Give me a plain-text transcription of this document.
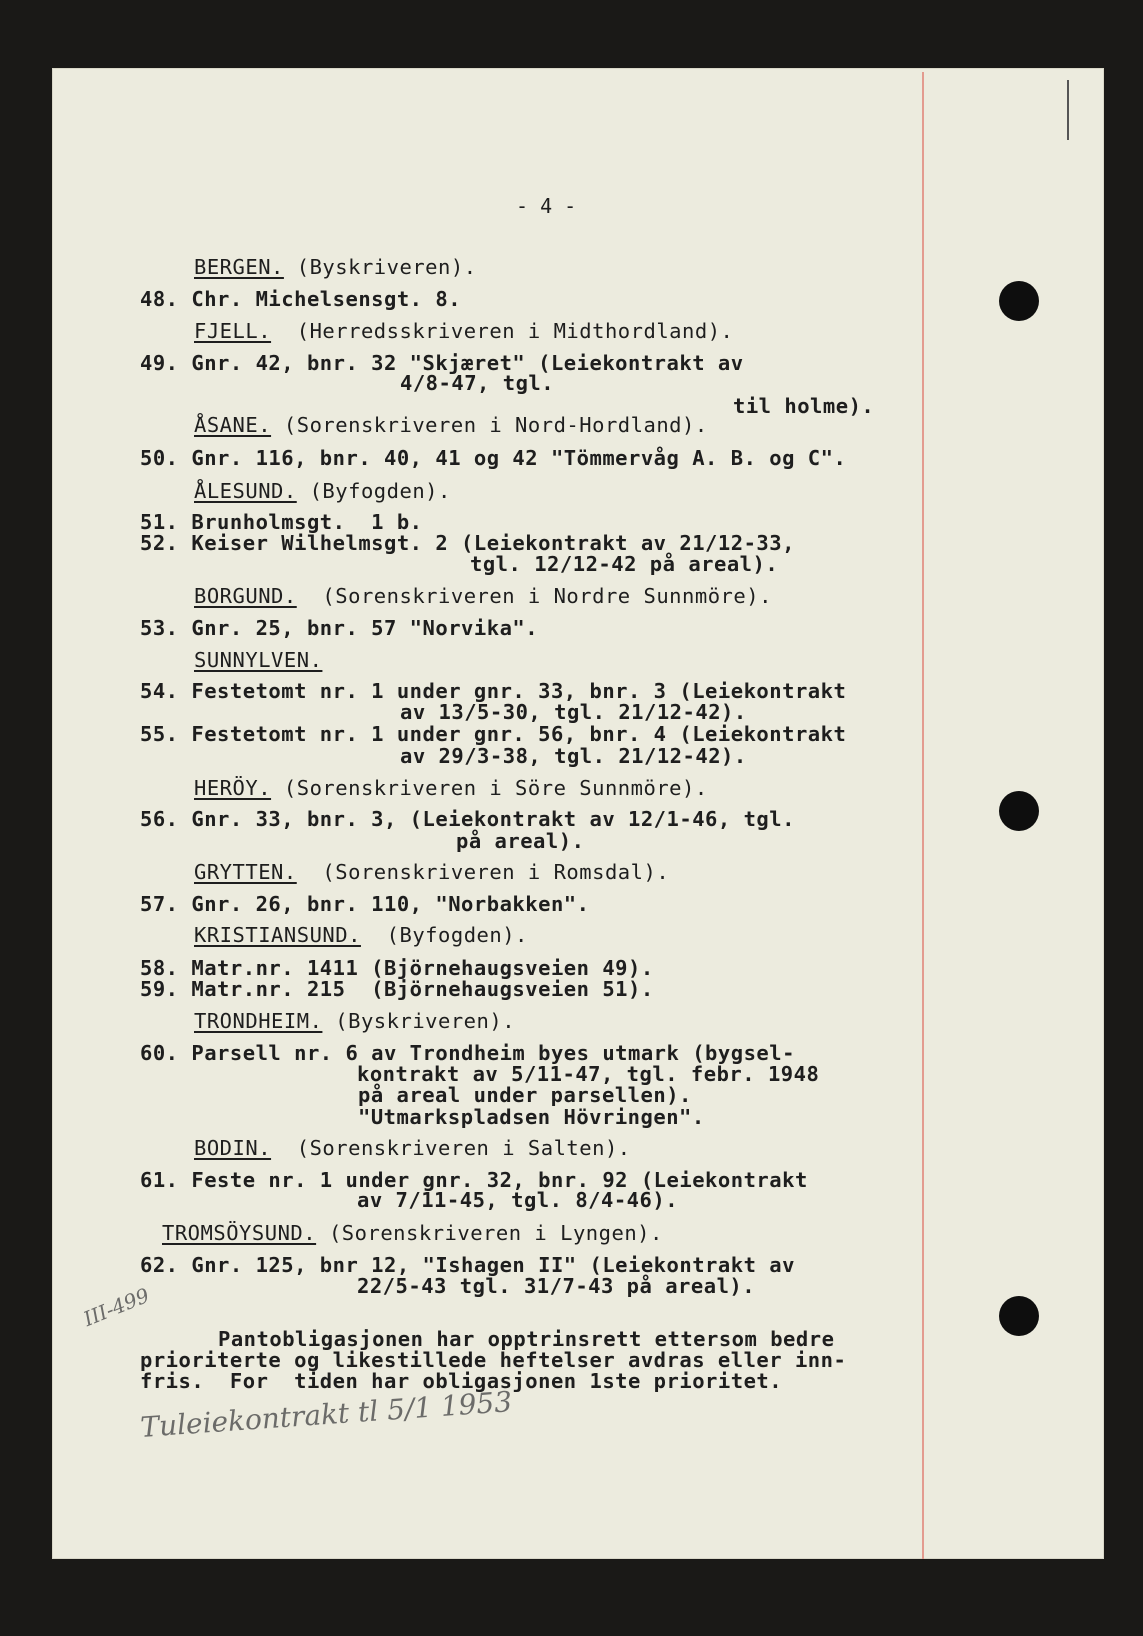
- 4 -
BERGEN. (Byskriveren).
48. Chr. Michelsensgt. 8.
FJELL.  (Herredsskriveren i Midthordland).
49. Gnr. 42, bnr. 32 "Skjæret" (Leiekontrakt av
4/8-47, tgl.
til holme).
ÅSANE. (Sorenskriveren i Nord-Hordland).
50. Gnr. 116, bnr. 40, 41 og 42 "Tömmervåg A. B. og C".
ÅLESUND. (Byfogden).
51. Brunholmsgt.  1 b.
52. Keiser Wilhelmsgt. 2 (Leiekontrakt av 21/12-33,
tgl. 12/12-42 på areal).
BORGUND.  (Sorenskriveren i Nordre Sunnmöre).
53. Gnr. 25, bnr. 57 "Norvika".
SUNNYLVEN.
54. Festetomt nr. 1 under gnr. 33, bnr. 3 (Leiekontrakt
av 13/5-30, tgl. 21/12-42).
55. Festetomt nr. 1 under gnr. 56, bnr. 4 (Leiekontrakt
av 29/3-38, tgl. 21/12-42).
HERÖY. (Sorenskriveren i Söre Sunnmöre).
56. Gnr. 33, bnr. 3, (Leiekontrakt av 12/1-46, tgl.
på areal).
GRYTTEN.  (Sorenskriveren i Romsdal).
57. Gnr. 26, bnr. 110, "Norbakken".
KRISTIANSUND.  (Byfogden).
58. Matr.nr. 1411 (Björnehaugsveien 49).
59. Matr.nr. 215  (Björnehaugsveien 51).
TRONDHEIM. (Byskriveren).
60. Parsell nr. 6 av Trondheim byes utmark (bygsel-
kontrakt av 5/11-47, tgl. febr. 1948
på areal under parsellen).
"Utmarkspladsen Hövringen".
BODIN.  (Sorenskriveren i Salten).
61. Feste nr. 1 under gnr. 32, bnr. 92 (Leiekontrakt
av 7/11-45, tgl. 8/4-46).
TROMSÖYSUND. (Sorenskriveren i Lyngen).
62. Gnr. 125, bnr 12, "Ishagen II" (Leiekontrakt av
22/5-43 tgl. 31/7-43 på areal).
Pantobligasjonen har opptrinsrett ettersom bedre
prioriterte og likestillede heftelser avdras eller inn-
fris.  For  tiden har obligasjonen 1ste prioritet.
III-499
Tuleiekontrakt tl 5/1 1953
